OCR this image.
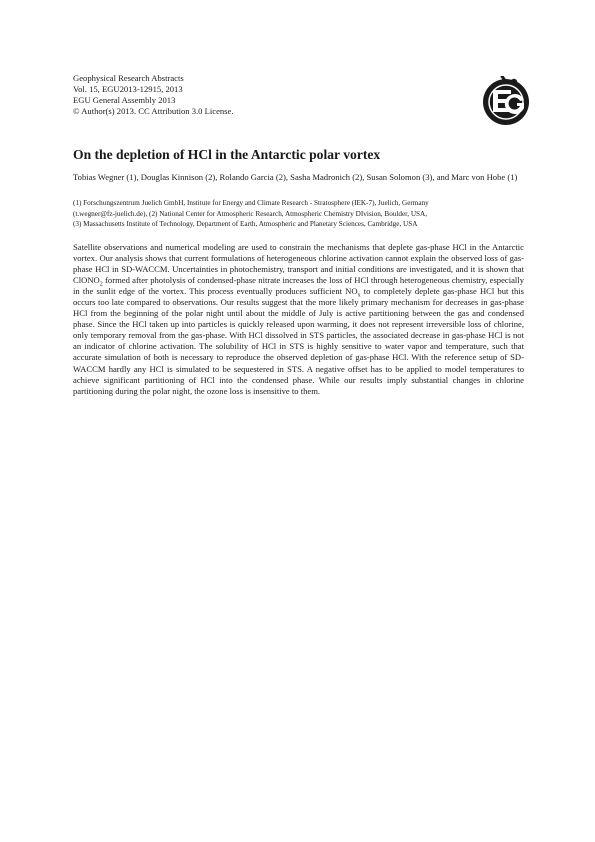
Geophysical Research Abstracts
Vol. 15, EGU2013-12915, 2013
EGU General Assembly 2013
© Author(s) 2013. CC Attribution 3.0 License.
On the depletion of HCl in the Antarctic polar vortex
Tobias Wegner (1), Douglas Kinnison (2), Rolando Garcia (2), Sasha Madronich (2), Susan Solomon (3), and Marc von Hobe (1)
(1) Forschungszentrum Juelich GmbH, Institute for Energy and Climate Research - Stratosphere (IEK-7), Juelich, Germany
(t.wegner@fz-juelich.de), (2) National Center for Atmospheric Research, Atmospheric Chemistry DIvision, Boulder, USA,
(3) Massachusetts Institute of Technology, Department of Earth, Atmospheric and Planetary Sciences, Cambridge, USA

Satellite observations and numerical modeling are used to constrain the mechanisms that deplete gas-phase HCl in the Antarctic vortex. Our analysis shows that current formulations of heterogeneous chlorine activation cannot explain the observed loss of gas-phase HCl in SD-WACCM. Uncertainties in photochemistry, transport and initial conditions are investigated, and it is shown that ClONO$_2$ formed after photolysis of condensed-phase nitrate increases the loss of HCl through heterogeneous chemistry, especially in the sunlit edge of the vortex. This process eventually produces sufficient $NO_x$ to completely deplete gas-phase HCl but this occurs too late compared to observations. Our results suggest that the more likely primary mechanism for decreases in gas-phase HCl from the beginning of the polar night until about the middle of July is active partitioning between the gas and condensed phase. Since the HCl taken up into particles is quickly released upon warming, it does not represent irreversible loss of chlorine, only temporary removal from the gas-phase. With HCl dissolved in STS particles, the associated decrease in gas-phase HCl is not an indicator of chlorine activation. The solubility of HCl in STS is highly sensitive to water vapor and temperature, such that accurate simulation of both is necessary to reproduce the observed depletion of gas-phase HCl. With the reference setup of SD-WACCM hardly any HCl is simulated to be sequestered in STS. A negative offset has to be applied to model temperatures to achieve significant partitioning of HCl into the condensed phase. While our results imply substantial changes in chlorine partitioning during the polar night, the ozone loss is insensitive to them.
